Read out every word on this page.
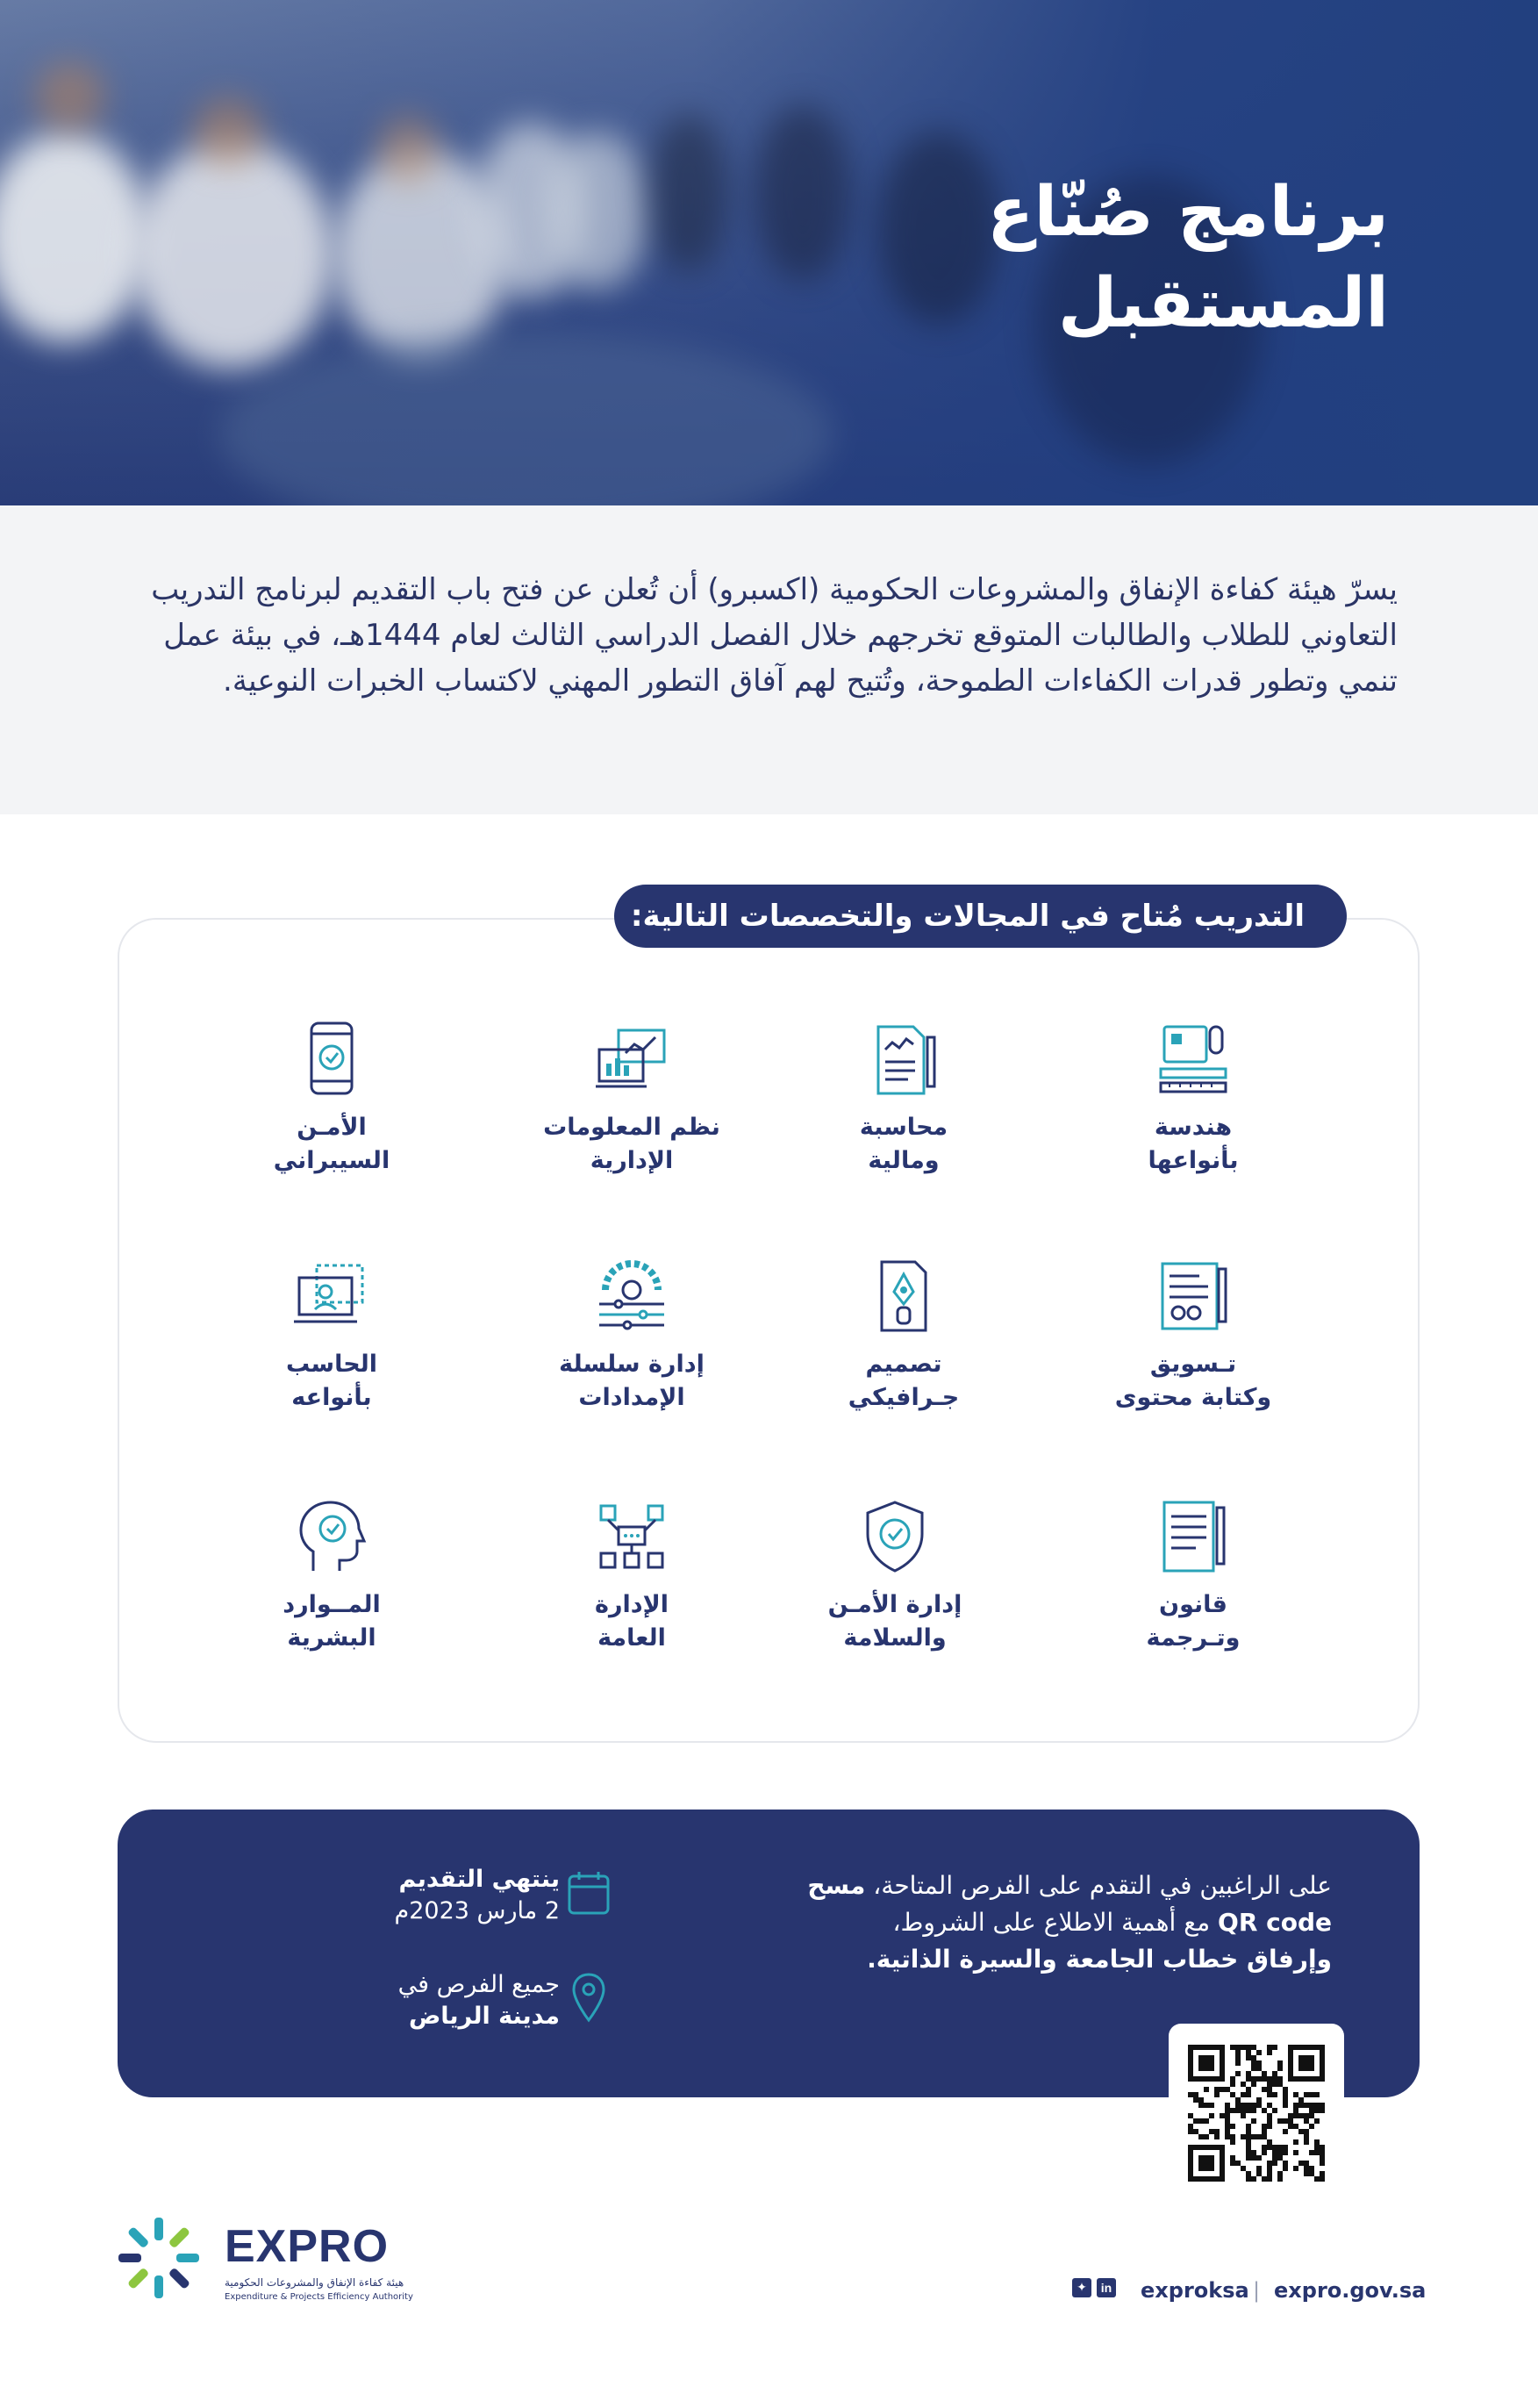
برنامج صُنّاع
المستقبل
يسرّ هيئة كفاءة الإنفاق والمشروعات الحكومية (اكسبرو) أن تُعلن عن فتح باب التقديم لبرنامج التدريب التعاوني للطلاب والطالبات المتوقع تخرجهم خلال الفصل الدراسي الثالث لعام 1444هـ، في بيئة عمل تنمي وتطور قدرات الكفاءات الطموحة، وتُتيح لهم آفاق التطور المهني لاكتساب الخبرات النوعية.
التدريب مُتاح في المجالات والتخصصات التالية:
هندسة
بأنواعها
محاسبة
ومالية
نظم المعلومات
الإدارية
الأمـن
السيبراني
تـسويق
وكتابة محتوى
تصميم
جـرافيكي
إدارة سلسلة
الإمدادات
الحاسب
بأنواعه
قانون
وتـرجمة
إدارة الأمـن
والسلامة
الإدارة
العامة
المــوارد
البشرية
على الراغبين في التقدم على الفرص المتاحة، مسح
QR code مع أهمية الاطلاع على الشروط،
وإرفاق خطاب الجامعة والسيرة الذاتية.
ينتهي التقديم
2 مارس 2023م
جميع الفرص في
مدينة الرياض
EXPRO
هيئة كفاءة الإنفاق والمشروعات الحكومية
Expenditure & Projects Efficiency Authority
✦	in exproksa | expro.gov.sa
